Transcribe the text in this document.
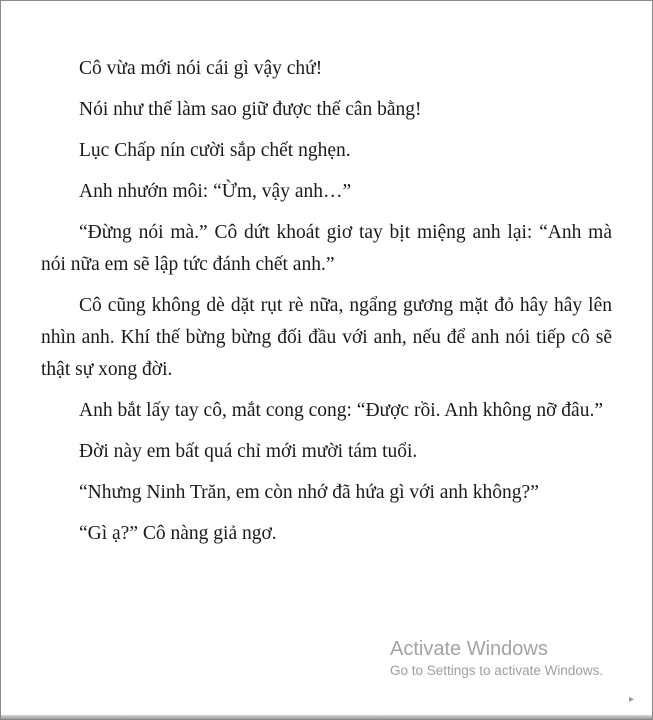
Cô vừa mới nói cái gì vậy chứ!

Nói như thế làm sao giữ được thế cân bằng!

Lục Chấp nín cười sắp chết nghẹn.

Anh nhướn môi: “Ừm, vậy anh…”

“Đừng nói mà.” Cô dứt khoát giơ tay bịt miệng anh lại: “Anh mà nói nữa em sẽ lập tức đánh chết anh.”

Cô cũng không dè dặt rụt rè nữa, ngẩng gương mặt đỏ hây hây lên nhìn anh. Khí thế bừng bừng đối đầu với anh, nếu để anh nói tiếp cô sẽ thật sự xong đời.

Anh bắt lấy tay cô, mắt cong cong: “Được rồi. Anh không nỡ đâu.”

Đời này em bất quá chỉ mới mười tám tuổi.

“Nhưng Ninh Trăn, em còn nhớ đã hứa gì với anh không?”

“Gì ạ?” Cô nàng giả ngơ.

Activate Windows
Go to Settings to activate Windows.
▸
